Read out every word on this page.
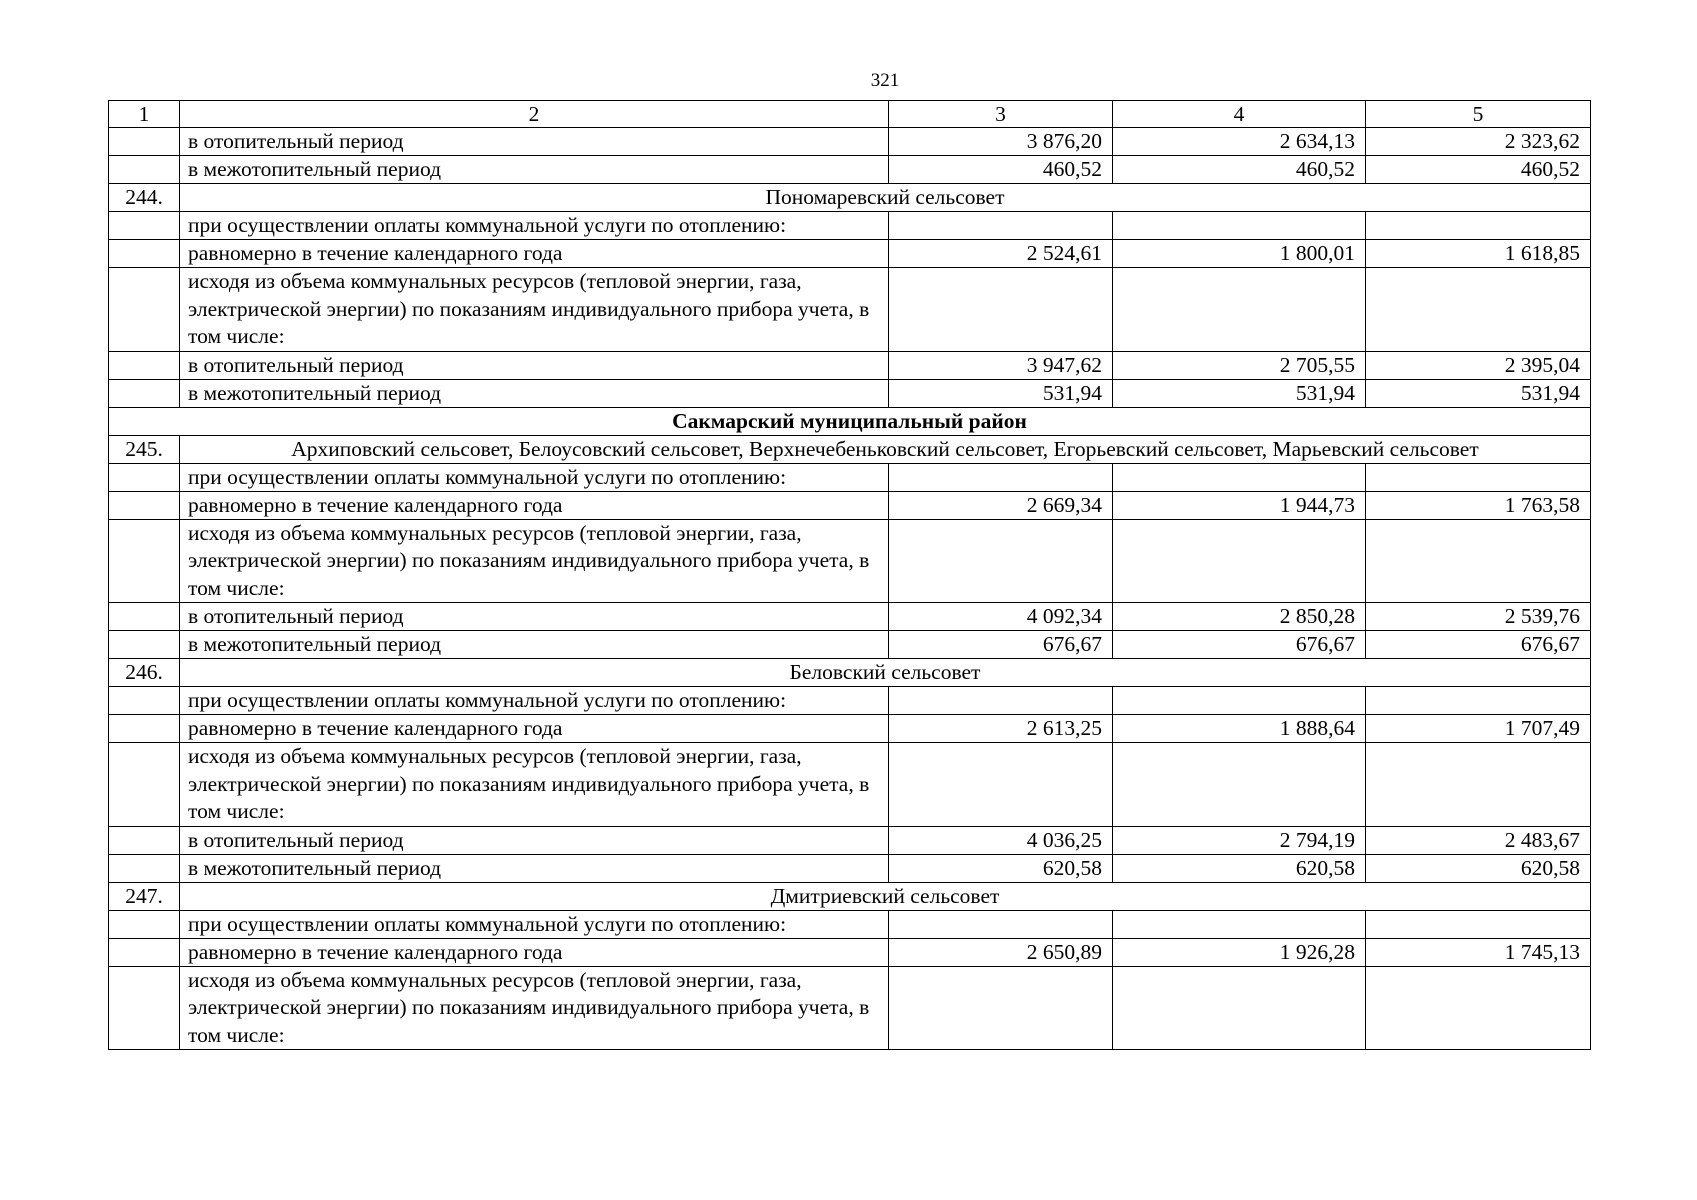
321
1	2	3	4	5
	в отопительный период	3 876,20	2 634,13	2 323,62
	в межотопительный период	460,52	460,52	460,52
244.	Пономаревский сельсовет			
	при осуществлении оплаты коммунальной услуги по отоплению:			
	равномерно в течение календарного года	2 524,61	1 800,01	1 618,85
	исходя из объема коммунальных ресурсов (тепловой энергии, газа, электрической энергии) по показаниям индивидуального прибора учета, в том числе:			
	в отопительный период	3 947,62	2 705,55	2 395,04
	в межотопительный период	531,94	531,94	531,94
Сакмарский муниципальный район				
245.	Архиповский сельсовет, Белоусовский сельсовет, Верхнечебеньковский сельсовет, Егорьевский сельсовет, Марьевский сельсовет			
	при осуществлении оплаты коммунальной услуги по отоплению:			
	равномерно в течение календарного года	2 669,34	1 944,73	1 763,58
	исходя из объема коммунальных ресурсов (тепловой энергии, газа, электрической энергии) по показаниям индивидуального прибора учета, в том числе:			
	в отопительный период	4 092,34	2 850,28	2 539,76
	в межотопительный период	676,67	676,67	676,67
246.	Беловский сельсовет			
	при осуществлении оплаты коммунальной услуги по отоплению:			
	равномерно в течение календарного года	2 613,25	1 888,64	1 707,49
	исходя из объема коммунальных ресурсов (тепловой энергии, газа, электрической энергии) по показаниям индивидуального прибора учета, в том числе:			
	в отопительный период	4 036,25	2 794,19	2 483,67
	в межотопительный период	620,58	620,58	620,58
247.	Дмитриевский сельсовет			
	при осуществлении оплаты коммунальной услуги по отоплению:			
	равномерно в течение календарного года	2 650,89	1 926,28	1 745,13
	исходя из объема коммунальных ресурсов (тепловой энергии, газа, электрической энергии) по показаниям индивидуального прибора учета, в том числе:			
